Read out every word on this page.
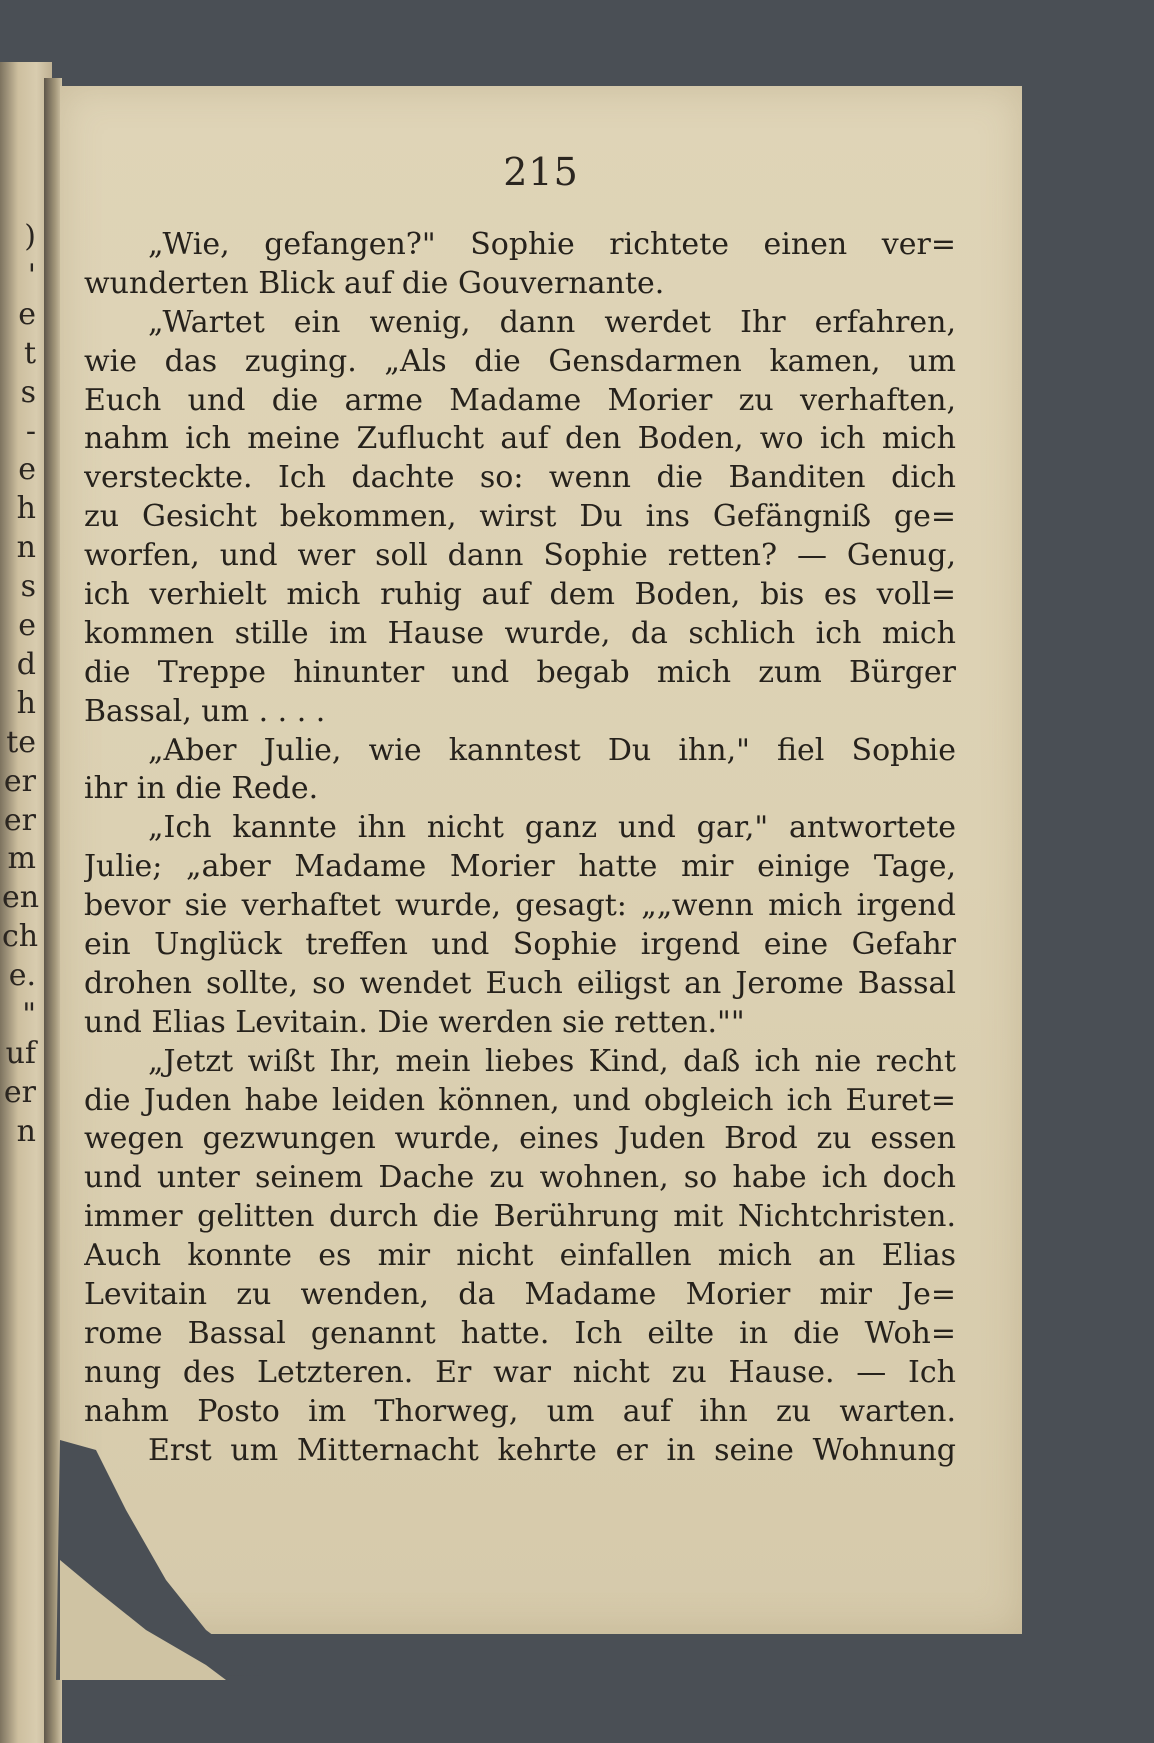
)
'
e
t
s
-
e
h
n
s
e
d
h
te
er
er
m
en
ch
e.
"
uf
er
n
215
„Wie, gefangen?" Sophie richtete einen ver=
wunderten Blick auf die Gouvernante.
„Wartet ein wenig, dann werdet Ihr erfahren,
wie das zuging. „Als die Gensdarmen kamen, um
Euch und die arme Madame Morier zu verhaften,
nahm ich meine Zuflucht auf den Boden, wo ich mich
versteckte. Ich dachte so: wenn die Banditen dich
zu Gesicht bekommen, wirst Du ins Gefängniß ge=
worfen, und wer soll dann Sophie retten? — Genug,
ich verhielt mich ruhig auf dem Boden, bis es voll=
kommen stille im Hause wurde, da schlich ich mich
die Treppe hinunter und begab mich zum Bürger
Bassal, um . . . .
„Aber Julie, wie kanntest Du ihn," fiel Sophie
ihr in die Rede.
„Ich kannte ihn nicht ganz und gar," antwortete
Julie; „aber Madame Morier hatte mir einige Tage,
bevor sie verhaftet wurde, gesagt: „„wenn mich irgend
ein Unglück treffen und Sophie irgend eine Gefahr
drohen sollte, so wendet Euch eiligst an Jerome Bassal
und Elias Levitain. Die werden sie retten.""
„Jetzt wißt Ihr, mein liebes Kind, daß ich nie recht
die Juden habe leiden können, und obgleich ich Euret=
wegen gezwungen wurde, eines Juden Brod zu essen
und unter seinem Dache zu wohnen, so habe ich doch
immer gelitten durch die Berührung mit Nichtchristen.
Auch konnte es mir nicht einfallen mich an Elias
Levitain zu wenden, da Madame Morier mir Je=
rome Bassal genannt hatte. Ich eilte in die Woh=
nung des Letzteren. Er war nicht zu Hause. — Ich
nahm Posto im Thorweg, um auf ihn zu warten.
Erst um Mitternacht kehrte er in seine Wohnung
